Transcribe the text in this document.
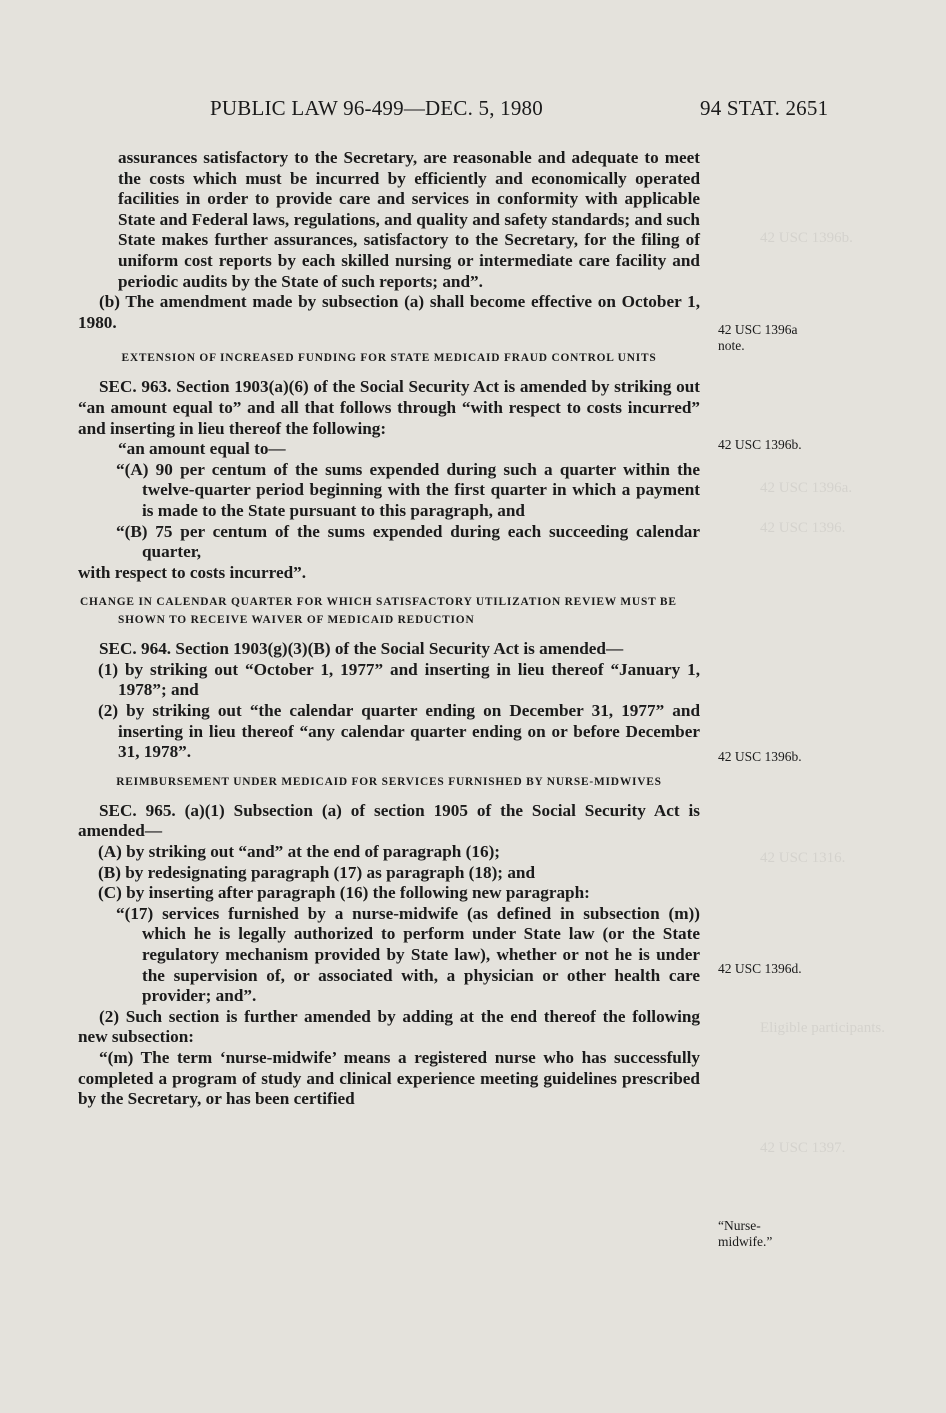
42 USC 1396b.
42 USC 1396a.
42 USC 1396.
42 USC 1316.
Eligible participants.
42 USC 1397.
PUBLIC LAW 96-499—DEC. 5, 1980	94 STAT. 2651

assurances satisfactory to the Secretary, are reasonable and adequate to meet the costs which must be incurred by efficiently and economically operated facilities in order to provide care and services in conformity with applicable State and Federal laws, regulations, and quality and safety standards; and such State makes further assurances, satisfactory to the Secretary, for the filing of uniform cost reports by each skilled nursing or intermediate care facility and periodic audits by the State of such reports; and”.

(b) The amendment made by subsection (a) shall become effective on October 1, 1980.

EXTENSION OF INCREASED FUNDING FOR STATE MEDICAID FRAUD CONTROL UNITS

SEC. 963. Section 1903(a)(6) of the Social Security Act is amended by striking out “an amount equal to” and all that follows through “with respect to costs incurred” and inserting in lieu thereof the following:

“an amount equal to—

“(A) 90 per centum of the sums expended during such a quarter within the twelve-quarter period beginning with the first quarter in which a payment is made to the State pursuant to this paragraph, and

“(B) 75 per centum of the sums expended during each succeeding calendar quarter,

with respect to costs incurred”.

CHANGE IN CALENDAR QUARTER FOR WHICH SATISFACTORY UTILIZATION REVIEW MUST BE SHOWN TO RECEIVE WAIVER OF MEDICAID REDUCTION

SEC. 964. Section 1903(g)(3)(B) of the Social Security Act is amended—

(1) by striking out “October 1, 1977” and inserting in lieu thereof “January 1, 1978”; and

(2) by striking out “the calendar quarter ending on December 31, 1977” and inserting in lieu thereof “any calendar quarter ending on or before December 31, 1978”.

REIMBURSEMENT UNDER MEDICAID FOR SERVICES FURNISHED BY NURSE-MIDWIVES

SEC. 965. (a)(1) Subsection (a) of section 1905 of the Social Security Act is amended—

(A) by striking out “and” at the end of paragraph (16);

(B) by redesignating paragraph (17) as paragraph (18); and

(C) by inserting after paragraph (16) the following new paragraph:

“(17) services furnished by a nurse-midwife (as defined in subsection (m)) which he is legally authorized to perform under State law (or the State regulatory mechanism provided by State law), whether or not he is under the supervision of, or associated with, a physician or other health care provider; and”.

(2) Such section is further amended by adding at the end thereof the following new subsection:

“(m) The term ‘nurse-midwife’ means a registered nurse who has successfully completed a program of study and clinical experience meeting guidelines prescribed by the Secretary, or has been certified

42 USC 1396a note.
42 USC 1396b.
42 USC 1396b.
42 USC 1396d.
“Nurse-midwife.”
